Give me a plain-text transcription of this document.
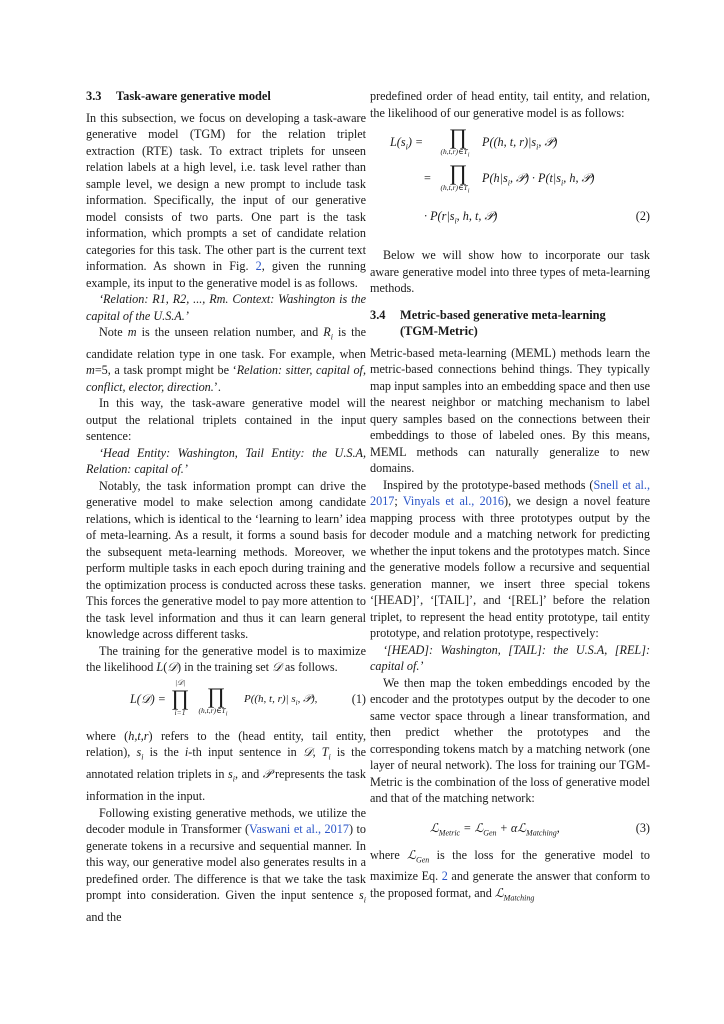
3.3 Task-aware generative model

In this subsection, we focus on developing a task-aware generative model (TGM) for the relation triplet extraction (RTE) task. To extract triplets for unseen relation labels at a high level, i.e. task level rather than sample level, we design a new prompt to include task information. Specifically, the input of our generative model consists of two parts. One part is the task information, which prompts a set of candidate relation categories for this task. The other part is the current text information. As shown in Fig. 2, given the running example, its input to the generative model is as follows.

‘Relation: R1, R2, ..., Rm. Context: Washington is the capital of the U.S.A.’

Note m is the unseen relation number, and $R_i$ is the candidate relation type in one task. For example, when m=5, a task prompt might be ‘Relation: sitter, capital of, conflict, elector, direction.’.

In this way, the task-aware generative model will output the relational triplets contained in the input sentence:

‘Head Entity: Washington, Tail Entity: the U.S.A, Relation: capital of.’

Notably, the task information prompt can drive the generative model to make selection among candidate relations, which is identical to the ‘learning to learn’ idea of meta-learning. As a result, it forms a sound basis for the subsequent meta-learning methods. Moreover, we perform multiple tasks in each epoch during training and the optimization process is conducted across these tasks. This forces the generative model to pay more attention to the task level information and thus it can learn general knowledge across different tasks.

The training for the generative model is to maximize the likelihood L(𝒟) in the training set 𝒟 as follows.

L(𝒟) =
|𝒟|
∏
i=1
∏
$(h,t,r)\in T_i$
P((h, t, r)| $s_i$, 𝒫),	(1)

where (h,t,r) refers to the (head entity, tail entity, relation), $s_i$ is the i-th input sentence in 𝒟, $T_i$ is the annotated relation triplets in $s_i$, and 𝒫 represents the task information in the input.

Following existing generative methods, we utilize the decoder module in Transformer (Vaswani et al., 2017) to generate tokens in a recursive and sequential manner. In this way, our generative model also generates results in a predefined order. The difference is that we take the task prompt into consideration. Given the input sentence $s_i$ and the

predefined order of head entity, tail entity, and relation, the likelihood of our generative model is as follows:

$L(s_i)$ =	∏
$(h,t,r)\in T_i$
P((h, t, $r)|s_i$, 𝒫)
= ∏
$(h,t,r)\in T_i$
$P(h|s_i$, 𝒫) · $P(t|s_i$, h, 𝒫)
· $P(r|s_i$, h, t, 𝒫)	(2)

Below we will show how to incorporate our task aware generative model into three types of meta-learning methods.

3.4 Metric-based generative meta-learning
(TGM-Metric)

Metric-based meta-learning (MEML) methods learn the metric-based connections behind things. They typically map input samples into an embedding space and then use the nearest neighbor or matching mechanism to label query samples based on the connections between their embeddings to those of labeled ones. By this means, MEML methods can naturally generalize to new domains.

Inspired by the prototype-based methods (Snell et al., 2017; Vinyals et al., 2016), we design a novel feature mapping process with three prototypes output by the decoder module and a matching network for predicting whether the input tokens and the prototypes match. Since the generative models follow a recursive and sequential generation manner, we insert three special tokens ‘[HEAD]’, ‘[TAIL]’, and ‘[REL]’ before the relation triplet, to represent the head entity prototype, tail entity prototype, and relation prototype, respectively:

‘[HEAD]: Washington, [TAIL]: the U.S.A, [REL]: capital of.’

We then map the token embeddings encoded by the encoder and the prototypes output by the decoder to one same vector space through a linear transformation, and then predict whether the prototypes and the corresponding tokens match by a matching network (one layer of neural network). The loss for training our TGM-Metric is the combination of the loss of generative model and that of the matching network:

ℒ$_{Metric}$ = ℒ$_{Gen}$ + αℒ$_{Matching}$,	(3)

where ℒ$_{Gen}$ is the loss for the generative model to maximize Eq. 2 and generate the answer that conform to the proposed format, and ℒ$_{Matching}$
